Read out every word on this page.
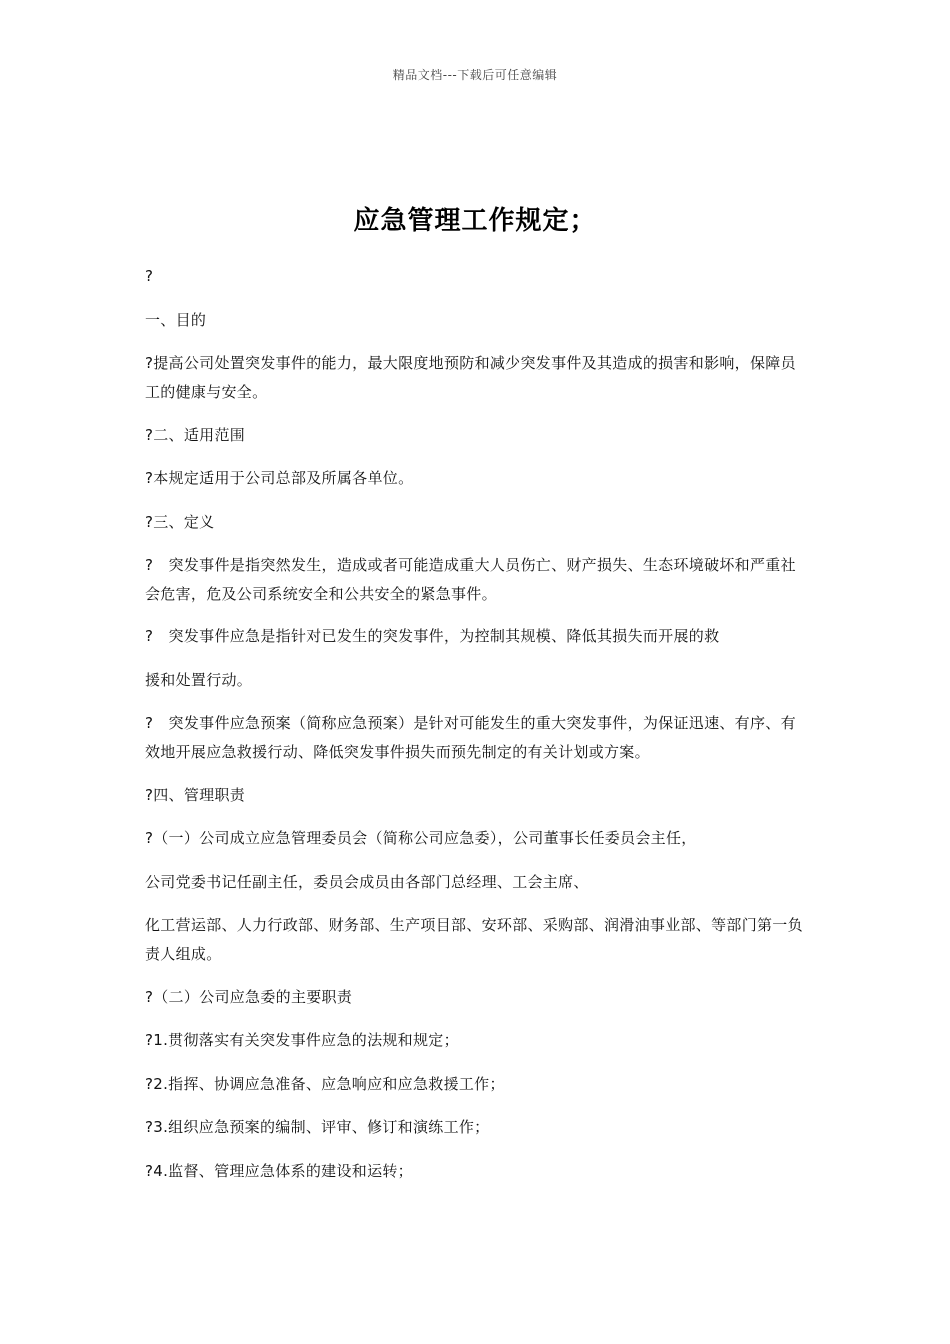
精品文档---下载后可任意编辑
应急管理工作规定；
?
一、目的
?提高公司处置突发事件的能力，最大限度地预防和减少突发事件及其造成的损害和影响，保障员工的健康与安全。
?二、适用范围
?本规定适用于公司总部及所属各单位。
?三、定义
?　突发事件是指突然发生，造成或者可能造成重大人员伤亡、财产损失、生态环境破坏和严重社会危害，危及公司系统安全和公共安全的紧急事件。
?　突发事件应急是指针对已发生的突发事件，为控制其规模、降低其损失而开展的救
援和处置行动。
?　突发事件应急预案（简称应急预案）是针对可能发生的重大突发事件，为保证迅速、有序、有效地开展应急救援行动、降低突发事件损失而预先制定的有关计划或方案。
?四、管理职责
?（一）公司成立应急管理委员会（简称公司应急委），公司董事长任委员会主任，
公司党委书记任副主任，委员会成员由各部门总经理、工会主席、
化工营运部、人力行政部、财务部、生产项目部、安环部、采购部、润滑油事业部、等部门第一负责人组成。
?（二）公司应急委的主要职责
?1.贯彻落实有关突发事件应急的法规和规定；
?2.指挥、协调应急准备、应急响应和应急救援工作；
?3.组织应急预案的编制、评审、修订和演练工作；
?4.监督、管理应急体系的建设和运转；
